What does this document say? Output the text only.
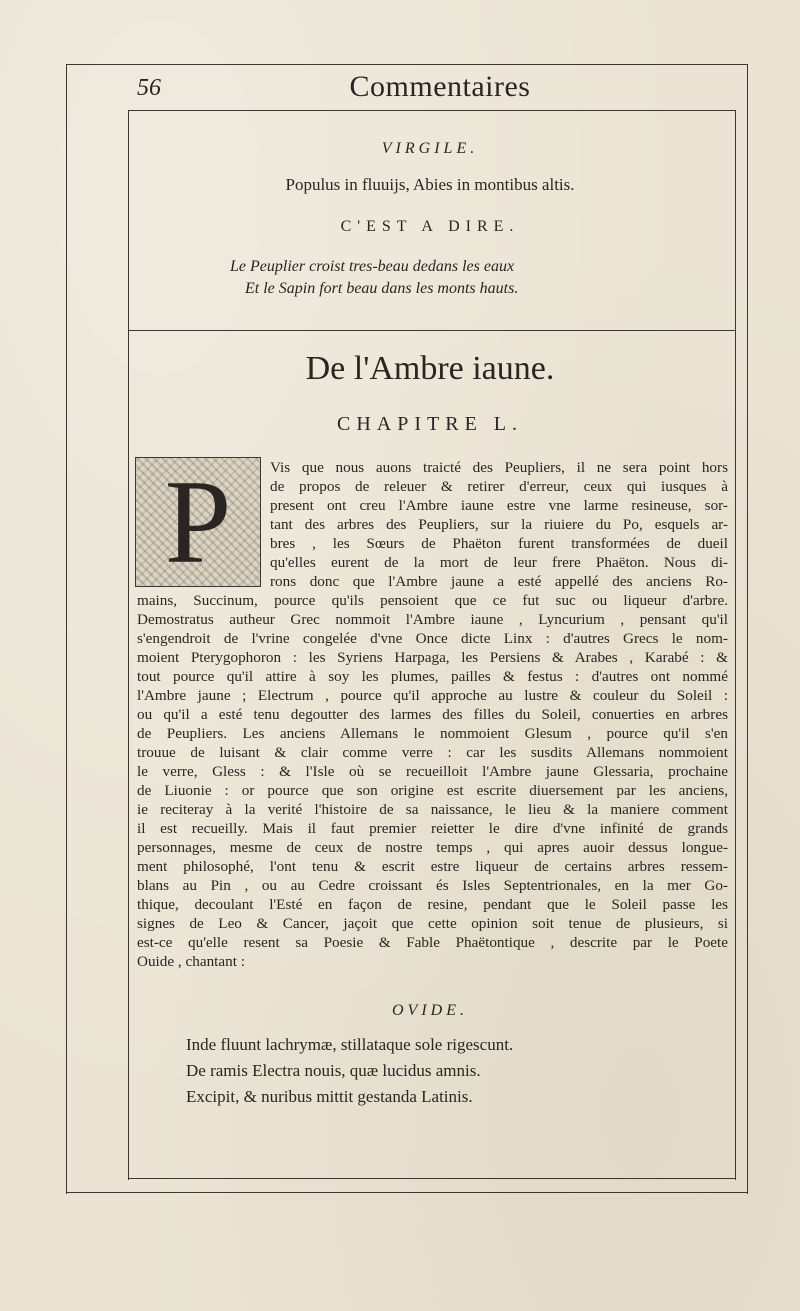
56	Commentaires
VIRGILE.
Populus in fluuijs, Abies in montibus altis.
C'EST A DIRE.
Le Peuplier croist tres-beau dedans les eaux
Et le Sapin fort beau dans les monts hauts.
De l'Ambre iaune.
CHAPITRE L.
P	Vis que nous auons traicté des Peupliers, il ne sera point hors
de propos de releuer & retirer d'erreur, ceux qui iusques à
present ont creu l'Ambre iaune estre vne larme resineuse, sor-
tant des arbres des Peupliers, sur la riuiere du Po, esquels ar-
bres , les Sœurs de Phaëton furent transformées de dueil
qu'elles eurent de la mort de leur frere Phaëton. Nous di-
rons donc que l'Ambre jaune a esté appellé des anciens Ro-
mains, Succinum, pource qu'ils pensoient que ce fut suc ou liqueur d'arbre.
Demostratus autheur Grec nommoit l'Ambre iaune , Lyncurium , pensant qu'il
s'engendroit de l'vrine congelée d'vne Once dicte Linx : d'autres Grecs le nom-
moient Pterygophoron : les Syriens Harpaga, les Persiens & Arabes , Karabé : &
tout pource qu'il attire à soy les plumes, pailles & festus : d'autres ont nommé
l'Ambre jaune ; Electrum , pource qu'il approche au lustre & couleur du Soleil :
ou qu'il a esté tenu degoutter des larmes des filles du Soleil, conuerties en arbres
de Peupliers. Les anciens Allemans le nommoient Glesum , pource qu'il s'en
trouue de luisant & clair comme verre : car les susdits Allemans nommoient
le verre, Gless : & l'Isle où se recueilloit l'Ambre jaune Glessaria, prochaine
de Liuonie : or pource que son origine est escrite diuersement par les anciens,
ie reciteray à la verité l'histoire de sa naissance, le lieu & la maniere comment
il est recueilly. Mais il faut premier reietter le dire d'vne infinité de grands
personnages, mesme de ceux de nostre temps , qui apres auoir dessus longue-
ment philosophé, l'ont tenu & escrit estre liqueur de certains arbres ressem-
blans au Pin , ou au Cedre croissant és Isles Septentrionales, en la mer Go-
thique, decoulant l'Esté en façon de resine, pendant que le Soleil passe les
signes de Leo & Cancer, jaçoit que cette opinion soit tenue de plusieurs, si
est-ce qu'elle resent sa Poesie & Fable Phaëtontique , descrite par le Poete
Ouide , chantant :
OVIDE.
Inde fluunt lachrymæ, stillataque sole rigescunt.
De ramis Electra nouis, quæ lucidus amnis.
Excipit, & nuribus mittit gestanda Latinis.
